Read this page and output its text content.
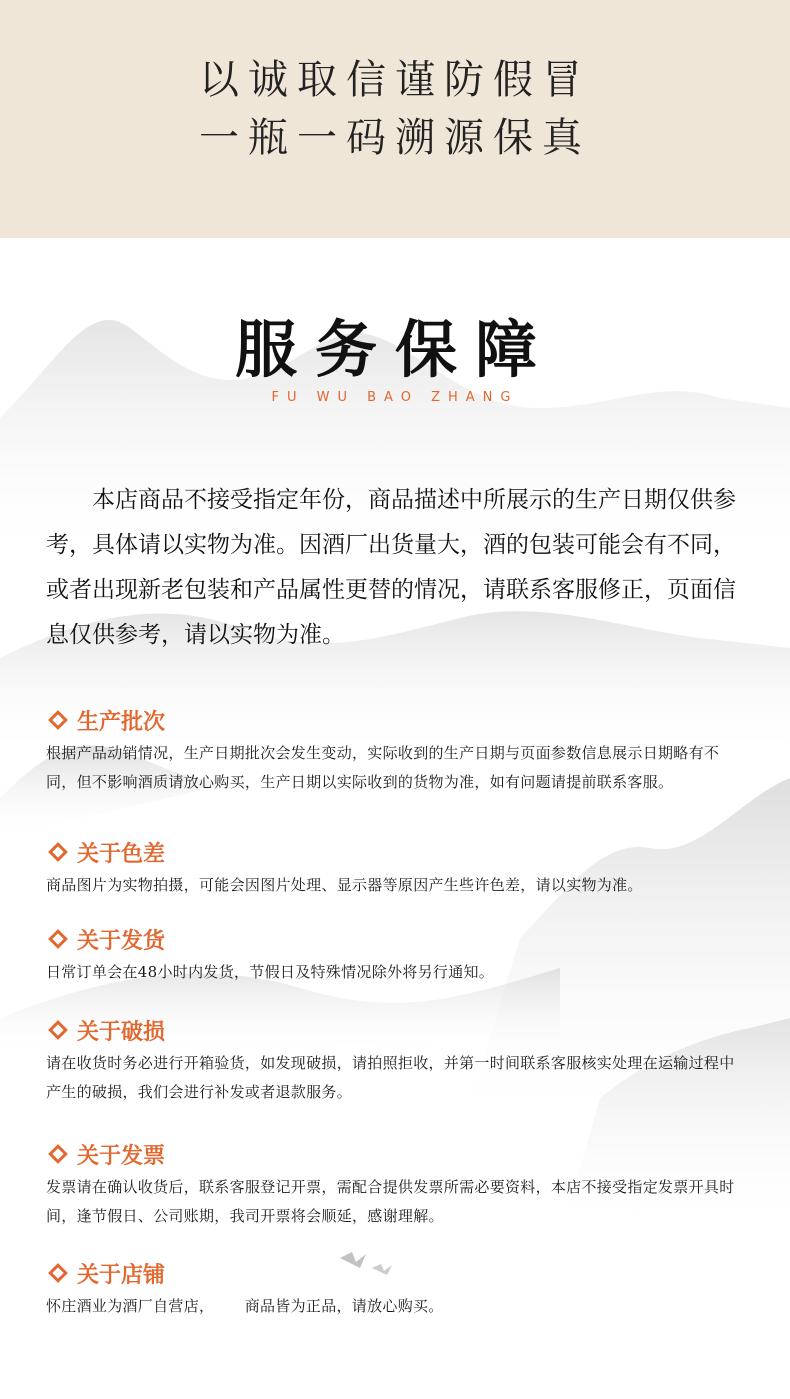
以诚取信谨防假冒
一瓶一码溯源保真
服务保障
FU WU BAO ZHANG
本店商品不接受指定年份，商品描述中所展示的生产日期仅供参考，具体请以实物为准。因酒厂出货量大，酒的包装可能会有不同， 或者出现新老包装和产品属性更替的情况，请联系客服修正，页面信息仅供参考，请以实物为准。
生产批次
根据产品动销情况，生产日期批次会发生变动，实际收到的生产日期与页面参数信息展示日期略有不同，但不影响酒质请放心购买，生产日期以实际收到的货物为准，如有问题请提前联系客服。
关于色差
商品图片为实物拍摄，可能会因图片处理、显示器等原因产生些许色差，请以实物为准。
关于发货
日常订单会在48小时内发货，节假日及特殊情况除外将另行通知。
关于破损
请在收货时务必进行开箱验货，如发现破损，请拍照拒收，并第一时间联系客服核实处理在运输过程中产生的破损，我们会进行补发或者退款服务。
关于发票
发票请在确认收货后，联系客服登记开票，需配合提供发票所需必要资料，本店不接受指定发票开具时间，逢节假日、公司账期，我司开票将会顺延，感谢理解。
关于店铺
怀庄酒业为酒厂自营店，      商品皆为正品，请放心购买。
